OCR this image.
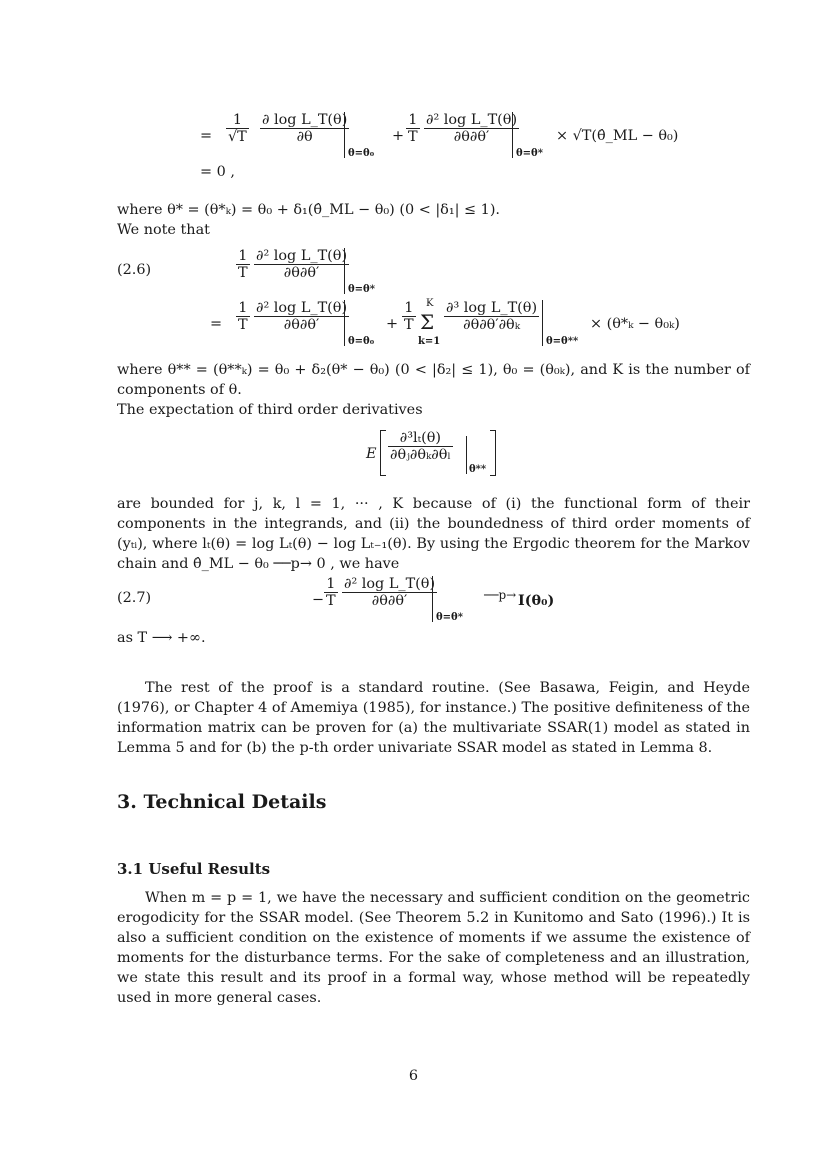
= $\frac{1}{√T} \frac{\text{∂ log L\_T(θ)}}{\partial\theta}$
θ=θ₀
+ $\frac{1}{T} \frac{\text{∂² log L\_T(θ)}}{\partial\theta\partial\theta'}$
θ=θ*
× √T(θ̂_ML − θ₀)
= 0 ,
where θ* = (θ*ₖ) = θ₀ + δ₁(θ̂_ML − θ₀) (0 < |δ₁| ≤ 1).
We note that
(2.6)	$\frac{1}{T} \frac{\text{∂² log L\_T(θ)}}{\partial\theta\partial\theta'}$
θ=θ*
= $\frac{1}{T} \frac{\text{∂² log L\_T(θ)}}{\partial\theta\partial\theta'}$
θ=θ₀
+ $\frac{1}{T}$ K
Σ
k=1
$\frac{\text{∂³ log L\_T(θ)}}{\text{∂θ∂θ′∂θₖ}}$
θ=θ**
× (θ*ₖ − θ₀ₖ)
where θ** = (θ**ₖ) = θ₀ + δ₂(θ* − θ₀) (0 < |δ₂| ≤ 1), θ₀ = (θ₀ₖ), and K is the number of components of θ.
The expectation of third order derivatives
E $\frac{\text{∂³lₜ(θ)}}{\text{∂θⱼ∂θₖ∂θₗ}}$
θ**
are bounded for j, k, l = 1, ··· , K because of (i) the functional form of their components in the integrands, and (ii) the boundedness of third order moments of (yₜᵢ), where lₜ(θ) = log Lₜ(θ) − log Lₜ₋₁(θ). By using the Ergodic theorem for the Markov chain and θ̂_ML − θ₀ ──p→ 0 , we have
(2.7)	− $\frac{1}{T} \frac{\text{∂² log L\_T(θ)}}{\partial\theta\partial\theta'}$
θ=θ*
──p→ I(θ₀)
as T ⟶ +∞.
The rest of the proof is a standard routine. (See Basawa, Feigin, and Heyde (1976), or Chapter 4 of Amemiya (1985), for instance.) The positive definiteness of the information matrix can be proven for (a) the multivariate SSAR(1) model as stated in Lemma 5 and for (b) the p-th order univariate SSAR model as stated in Lemma 8.
3. Technical Details
3.1 Useful Results
When m = p = 1, we have the necessary and sufficient condition on the geometric erogodicity for the SSAR model. (See Theorem 5.2 in Kunitomo and Sato (1996).) It is also a sufficient condition on the existence of moments if we assume the existence of moments for the disturbance terms. For the sake of completeness and an illustration, we state this result and its proof in a formal way, whose method will be repeatedly used in more general cases.
6
